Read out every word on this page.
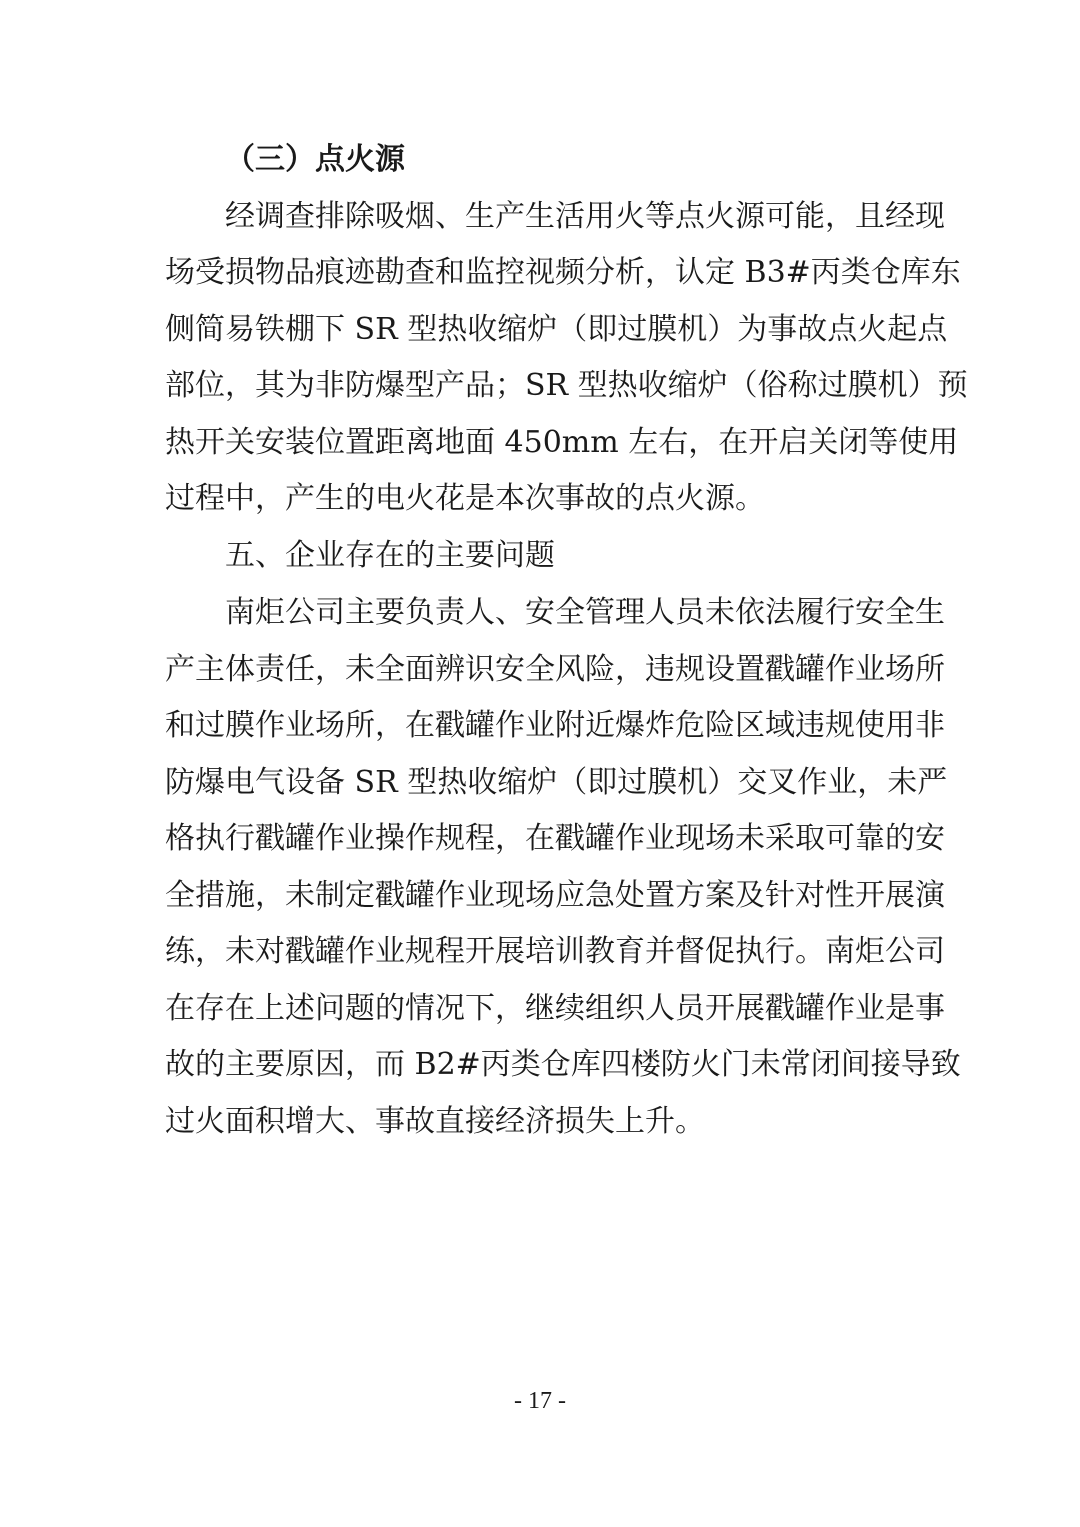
（三）点火源
经调查排除吸烟、生产生活用火等点火源可能，且经现
场受损物品痕迹勘查和监控视频分析，认定 B3#丙类仓库东
侧简易铁棚下 SR 型热收缩炉（即过膜机）为事故点火起点
部位，其为非防爆型产品；SR 型热收缩炉（俗称过膜机）预
热开关安装位置距离地面 450mm 左右，在开启关闭等使用
过程中，产生的电火花是本次事故的点火源。
五、企业存在的主要问题
南炬公司主要负责人、安全管理人员未依法履行安全生
产主体责任，未全面辨识安全风险，违规设置戳罐作业场所
和过膜作业场所，在戳罐作业附近爆炸危险区域违规使用非
防爆电气设备 SR 型热收缩炉（即过膜机）交叉作业，未严
格执行戳罐作业操作规程，在戳罐作业现场未采取可靠的安
全措施，未制定戳罐作业现场应急处置方案及针对性开展演
练，未对戳罐作业规程开展培训教育并督促执行。南炬公司
在存在上述问题的情况下，继续组织人员开展戳罐作业是事
故的主要原因，而 B2#丙类仓库四楼防火门未常闭间接导致
过火面积增大、事故直接经济损失上升。
- 17 -
